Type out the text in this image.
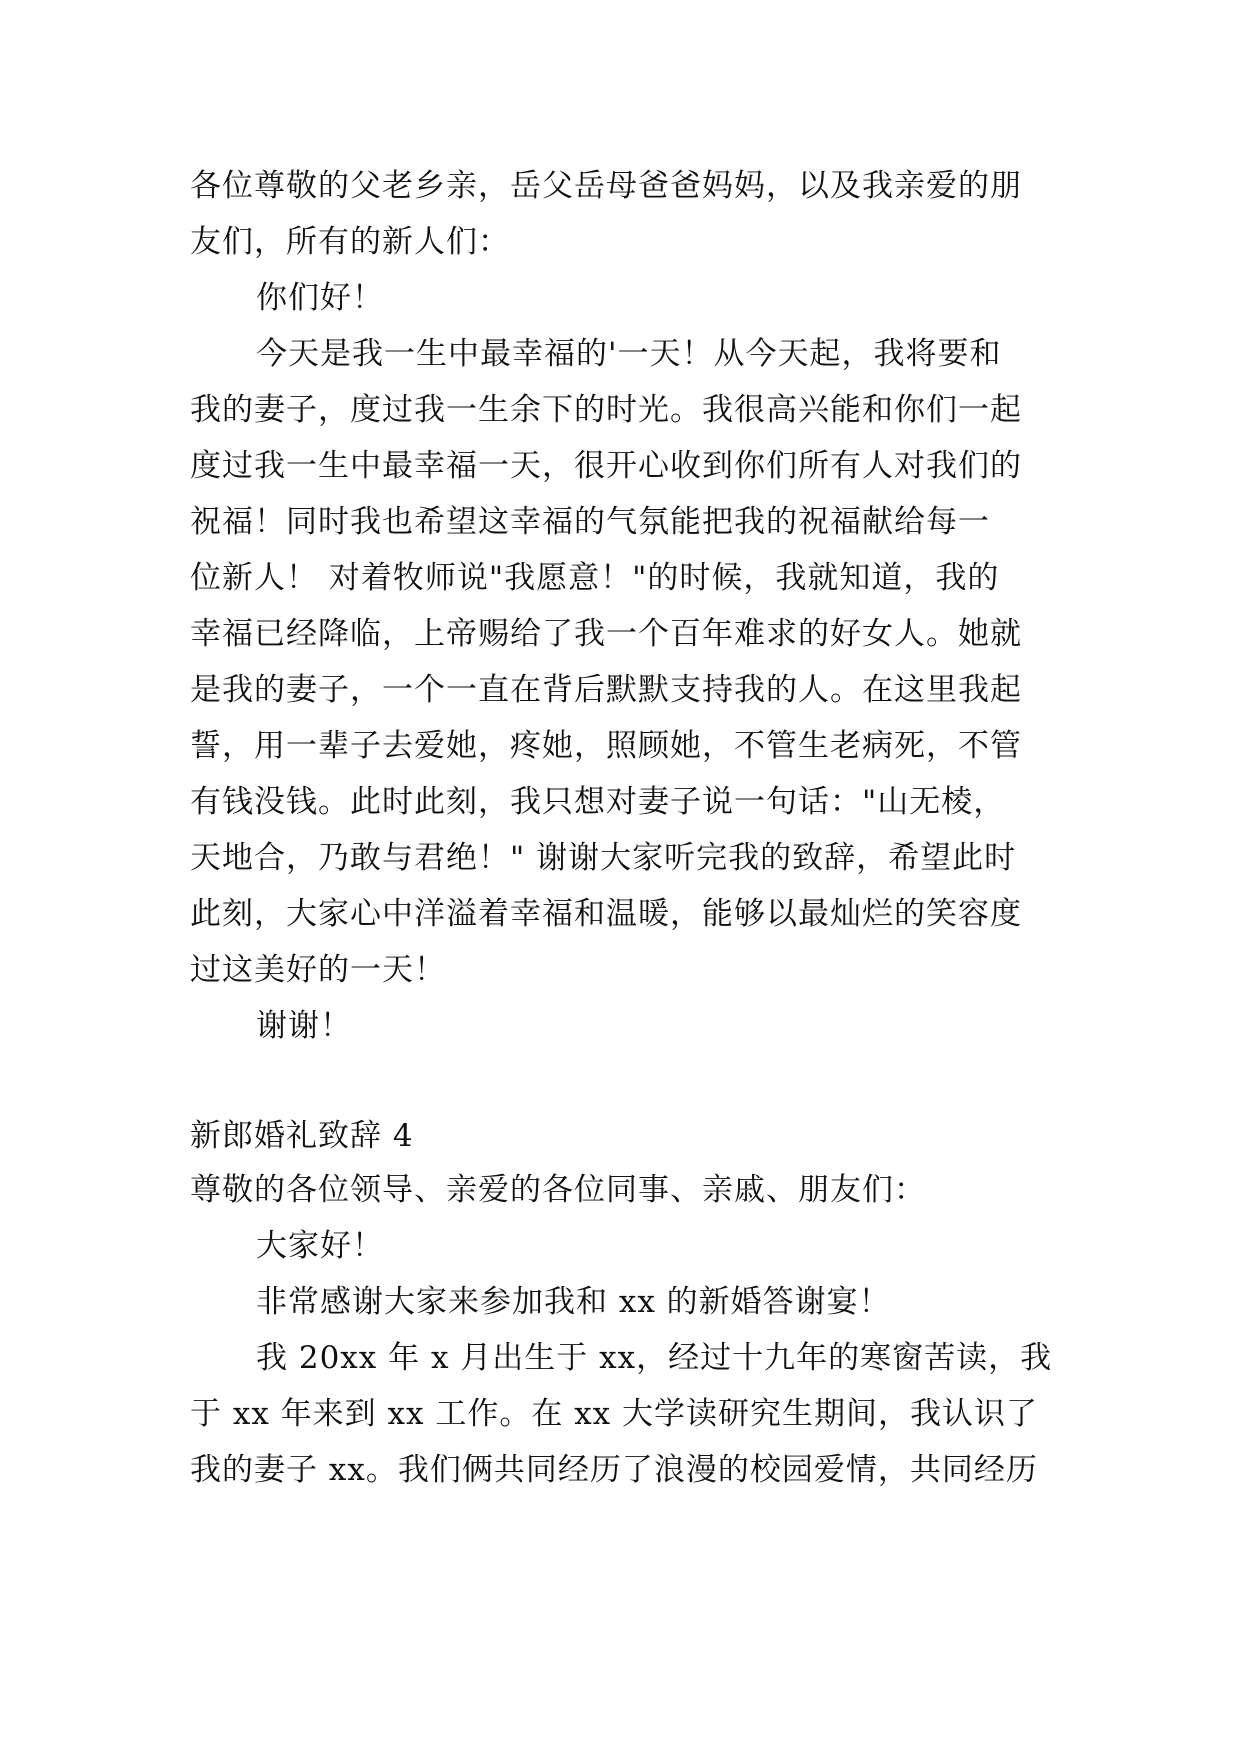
各位尊敬的父老乡亲，岳父岳母爸爸妈妈，以及我亲爱的朋
友们，所有的新人们：
你们好！
今天是我一生中最幸福的'一天！从今天起，我将要和
我的妻子，度过我一生余下的时光。我很高兴能和你们一起
度过我一生中最幸福一天，很开心收到你们所有人对我们的
祝福！同时我也希望这幸福的气氛能把我的祝福献给每一
位新人！ 对着牧师说"我愿意！"的时候，我就知道，我的
幸福已经降临，上帝赐给了我一个百年难求的好女人。她就
是我的妻子，一个一直在背后默默支持我的人。在这里我起
誓，用一辈子去爱她，疼她，照顾她，不管生老病死，不管
有钱没钱。此时此刻，我只想对妻子说一句话："山无棱，
天地合，乃敢与君绝！" 谢谢大家听完我的致辞，希望此时
此刻，大家心中洋溢着幸福和温暖，能够以最灿烂的笑容度
过这美好的一天！
谢谢！
新郎婚礼致辞 4
尊敬的各位领导、亲爱的各位同事、亲戚、朋友们：
大家好！
非常感谢大家来参加我和 xx 的新婚答谢宴！
我 20xx 年 x 月出生于 xx，经过十九年的寒窗苦读，我
于 xx 年来到 xx 工作。在 xx 大学读研究生期间，我认识了
我的妻子 xx。我们俩共同经历了浪漫的校园爱情，共同经历
